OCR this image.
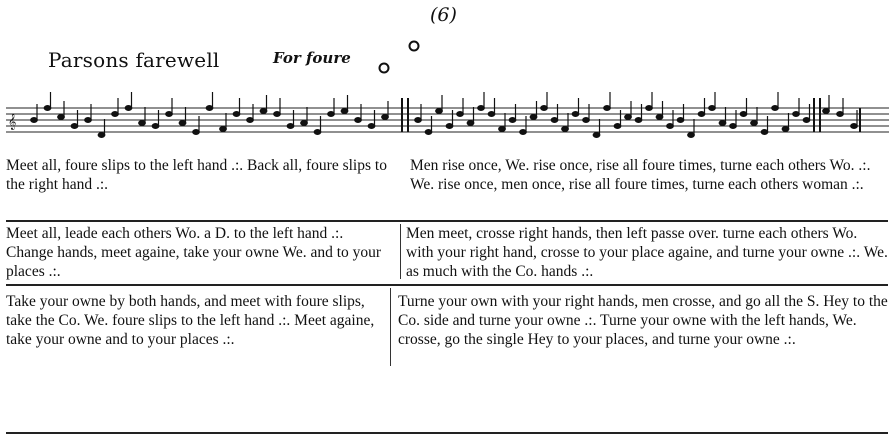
(6)
Parsons farewell	For foure
𝄞
Meet all, foure slips to the left hand .:. Back all, foure slips to the right hand .:.
Men rise once, We. rise once, rise all foure times, turne each others Wo. .:. We. rise once, men once, rise all foure times, turne each others woman .:.
Meet all, leade each others Wo. a D. to the left hand .:. Change hands, meet againe, take your owne We. and to your places .:.
Men meet, crosse right hands, then left passe over. turne each others Wo. with your right hand, crosse to your place againe, and turne your owne .:. We. as much with the Co. hands .:.
Take your owne by both hands, and meet with foure slips, take the Co. We. foure slips to the left hand .:. Meet againe, take your owne and to your places .:.
Turne your own with your right hands, men crosse, and go all the S. Hey to the Co. side and turne your owne .:. Turne your owne with the left hands, We. crosse, go the single Hey to your places, and turne your owne .:.
